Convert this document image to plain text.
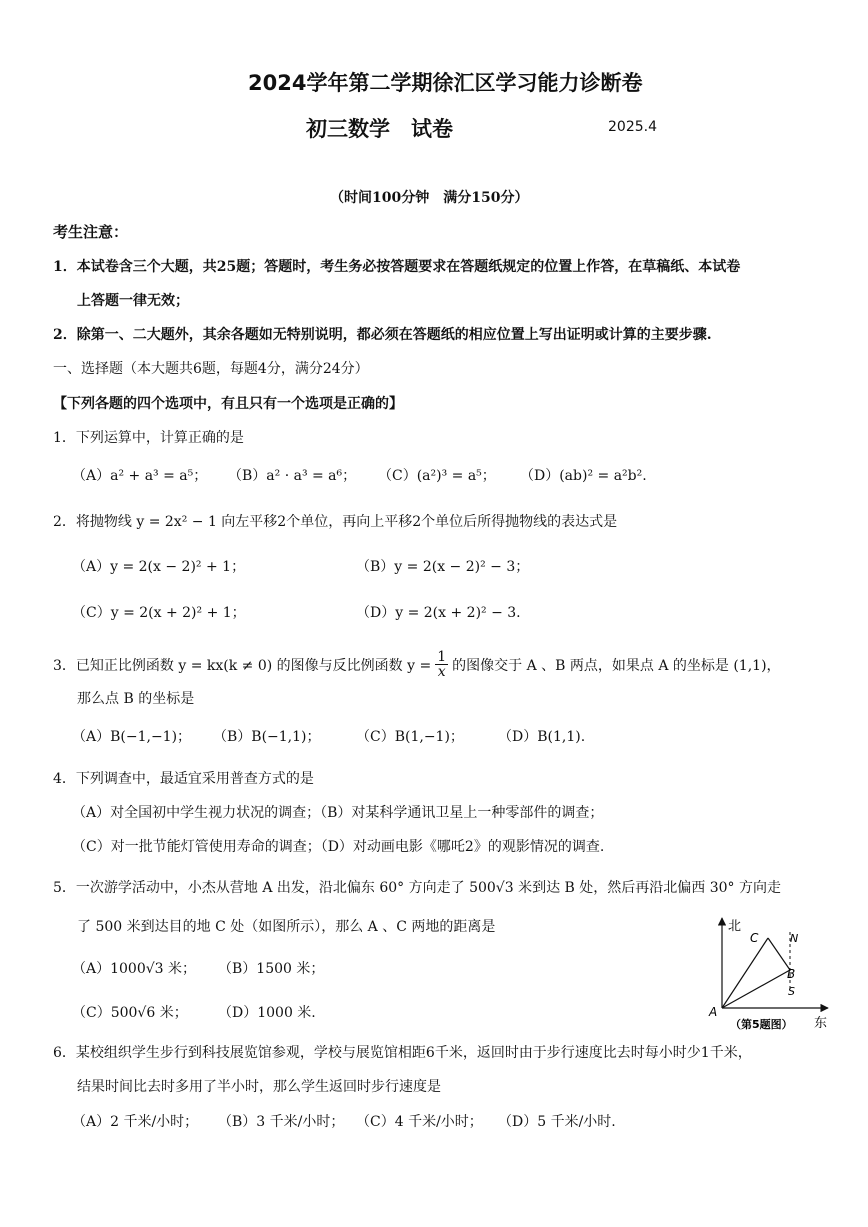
2024学年第二学期徐汇区学习能力诊断卷
初三数学　试卷	2025.4
（时间100分钟　满分150分）
考生注意：
1．本试卷含三个大题，共25题；答题时，考生务必按答题要求在答题纸规定的位置上作答，在草稿纸、本试卷
上答题一律无效；
2．除第一、二大题外，其余各题如无特别说明，都必须在答题纸的相应位置上写出证明或计算的主要步骤.
一、选择题（本大题共6题，每题4分，满分24分）
【下列各题的四个选项中，有且只有一个选项是正确的】
1．下列运算中，计算正确的是
（A）a² + a³ = a⁵； （B）a² · a³ = a⁶； （C）(a²)³ = a⁵； （D）(ab)² = a²b².
2．将抛物线 y = 2x² − 1 向左平移2个单位，再向上平移2个单位后所得抛物线的表达式是
（A）y = 2(x − 2)² + 1；	（B）y = 2(x − 2)² − 3；
（C）y = 2(x + 2)² + 1；	（D）y = 2(x + 2)² − 3.
3．已知正比例函数 y = kx(k ≠ 0) 的图像与反比例函数 $y = \frac{1}{x}$ 的图像交于 A 、B 两点，如果点 A 的坐标是 (1,1)，
那么点 B 的坐标是
（A）B(−1,−1)； （B）B(−1,1)；	（C）B(1,−1)； （D）B(1,1).
4．下列调查中，最适宜采用普查方式的是
（A）对全国初中学生视力状况的调查；（B）对某科学通讯卫星上一种零部件的调查；
（C）对一批节能灯管使用寿命的调查；（D）对动画电影《哪吒2》的观影情况的调查.
5．一次游学活动中，小杰从营地 A 出发，沿北偏东 60° 方向走了 500√3 米到达 B 处，然后再沿北偏西 30° 方向走
了 500 米到达目的地 C 处（如图所示），那么 A 、C 两地的距离是
（A）1000√3 米； （B）1500 米；
（C）500√6 米； （D）1000 米.
北
东
A
B
C	N
S
（第5题图）
6．某校组织学生步行到科技展览馆参观，学校与展览馆相距6千米，返回时由于步行速度比去时每小时少1千米，
结果时间比去时多用了半小时，那么学生返回时步行速度是
（A）2 千米/小时； （B）3 千米/小时； （C）4 千米/小时； （D）5 千米/小时.
